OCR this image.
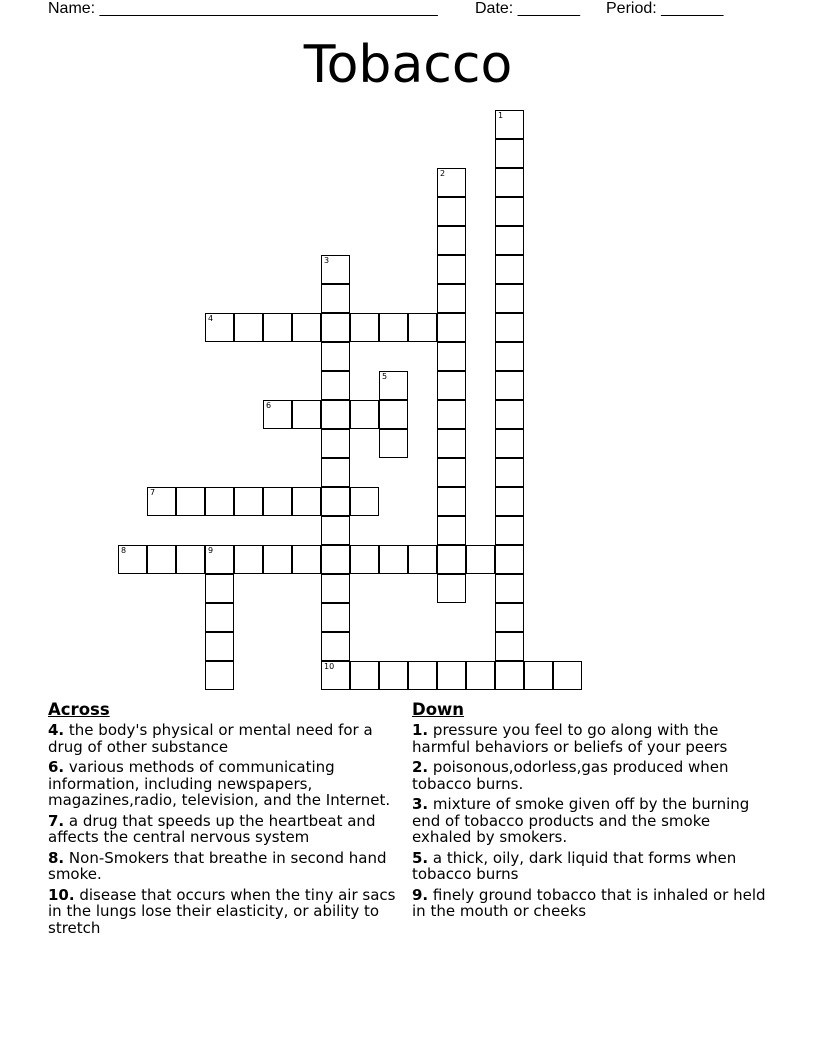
Name: ______________________________________ Date: _______ Period: _______
Tobacco
1
2
3
10
4
5
6
7
8	9
Across
4. the body's physical or mental need for a drug of other substance
6. various methods of communicating information, including newspapers, magazines,radio, television, and the Internet.
7. a drug that speeds up the heartbeat and affects the central nervous system
8. Non-Smokers that breathe in second hand smoke.
10. disease that occurs when the tiny air sacs in the lungs lose their elasticity, or ability to stretch
Down
1. pressure you feel to go along with the harmful behaviors or beliefs of your peers
2. poisonous,odorless,gas produced when tobacco burns.
3. mixture of smoke given off by the burning end of tobacco products and the smoke exhaled by smokers.
5. a thick, oily, dark liquid that forms when tobacco burns
9. finely ground tobacco that is inhaled or held in the mouth or cheeks
